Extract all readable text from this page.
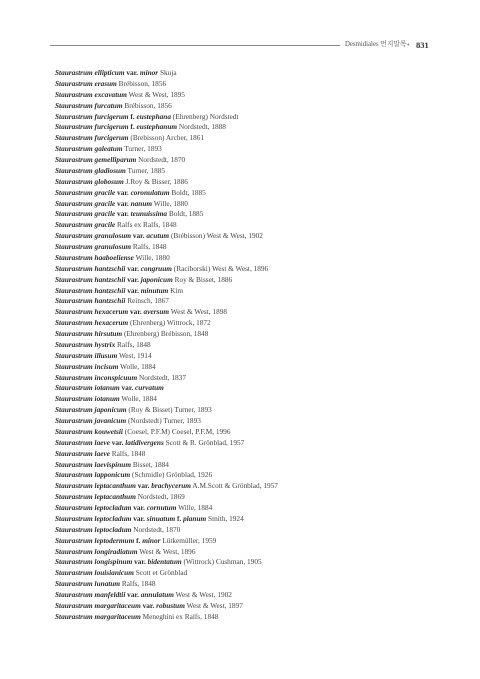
Desmidiales 먼지말목 • 831
Staurastrum ellipticum var. minor Skuja
Staurastrum erasum Brébisson, 1856
Staurastrum excavatum West & West, 1895
Staurastrum furcatum Brébisson, 1856
Staurastrum furcigerum f. eustephana (Ehrenberg) Nordstedt
Staurastrum furcigerum f. eustephanum Nordstedt, 1888
Staurastrum furcigerum (Brebisson) Archer, 1861
Staurastrum galeatum Turner, 1893
Staurastrum gemelliparum Nordstedt, 1870
Staurastrum gladiosum Turner, 1885
Staurastrum globosum J.Roy & Bisser, 1886
Staurastrum gracile var. coronulatum Boldt, 1885
Staurastrum gracile var. nanum Wille, 1880
Staurastrum gracile var. teunuissima Boldt, 1885
Staurastrum gracile Ralfs ex Ralfs, 1848
Staurastrum granulosum var. acutum (Brébisson) West & West, 1902
Staurastrum granulosum Ralfs, 1848
Staurastrum haaboeliense Wille, 1880
Staurastrum hantzschii var. congruum (Raciborski) West & West, 1896
Staurastrum hantzschii var. japonicum Roy & Bisset, 1886
Staurastrum hantzschii var. minutum Kim
Staurastrum hantzschii Reinsch, 1867
Staurastrum hexacerum var. aversum West & West, 1898
Staurastrum hexacerum (Ehrenberg) Wittrock, 1872
Staurastrum hirsutum (Ehrenberg) Brébisson, 1848
Staurastrum hystrix Ralfs, 1848
Staurastrum illusum West, 1914
Staurastrum incisum Wolle, 1884
Staurastrum inconspicuum Nordstedt, 1837
Staurastrum iotanum var. curvatum
Staurastrum iotanum Wolle, 1884
Staurastrum japonicum (Roy & Bisset) Turner, 1893
Staurastrum javanicum (Nordstedt) Turner, 1893
Staurastrum kouwetsii (Coesel, P.F.M) Coesel, P.F.M, 1996
Staurastrum laeve var. latidivergens Scott & R. Grönblad, 1957
Staurastrum laeve Ralfs, 1848
Staurastrum laevispinum Bisset, 1884
Staurastrum lapponicum (Schmidle) Grönblad, 1926
Staurastrum leptacanthum var. brachycerum A.M.Scott & Grönblad, 1957
Staurastrum leptacanthum Nordstedt, 1869
Staurastrum leptocladum var. cornutum Wille, 1884
Staurastrum leptocladum var. sinuatum f. planum Smith, 1924
Staurastrum leptocladum Nordstedt, 1870
Staurastrum leptodermum f. minor Lütkemüller, 1959
Staurastrum longiradiatum West & West, 1896
Staurastrum longispinum var. bidentatum (Wittrock) Cushman, 1905
Staurastrum louisianicum Scott et Grönblad
Staurastrum lunatum Ralfs, 1848
Staurastrum manfeldtii var. annulatum West & West, 1902
Staurastrum margaritaceum var. robustum West & West, 1897
Staurastrum margaritaceum Meneghini ex Ralfs, 1848
